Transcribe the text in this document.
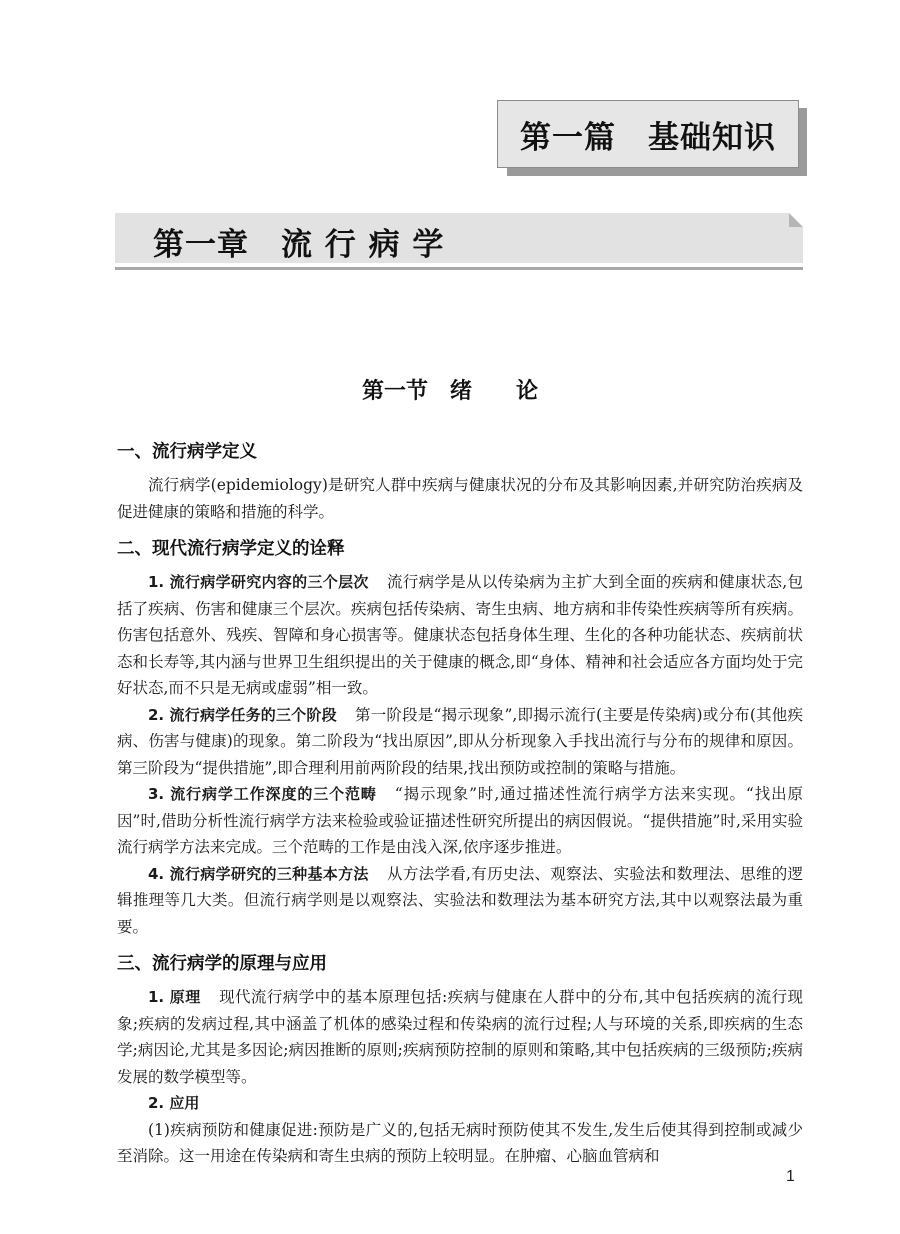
第一篇　基础知识
第一章　流 行 病 学
第一节　绪　　论
一、流行病学定义

流行病学(epidemiology)是研究人群中疾病与健康状况的分布及其影响因素,并研究防治疾病及促进健康的策略和措施的科学。

二、现代流行病学定义的诠释

1. 流行病学研究内容的三个层次 流行病学是从以传染病为主扩大到全面的疾病和健康状态,包括了疾病、伤害和健康三个层次。疾病包括传染病、寄生虫病、地方病和非传染性疾病等所有疾病。伤害包括意外、残疾、智障和身心损害等。健康状态包括身体生理、生化的各种功能状态、疾病前状态和长寿等,其内涵与世界卫生组织提出的关于健康的概念,即“身体、精神和社会适应各方面均处于完好状态,而不只是无病或虚弱”相一致。

2. 流行病学任务的三个阶段 第一阶段是“揭示现象”,即揭示流行(主要是传染病)或分布(其他疾病、伤害与健康)的现象。第二阶段为“找出原因”,即从分析现象入手找出流行与分布的规律和原因。第三阶段为“提供措施”,即合理利用前两阶段的结果,找出预防或控制的策略与措施。

3. 流行病学工作深度的三个范畴 “揭示现象”时,通过描述性流行病学方法来实现。“找出原因”时,借助分析性流行病学方法来检验或验证描述性研究所提出的病因假说。“提供措施”时,采用实验流行病学方法来完成。三个范畴的工作是由浅入深,依序逐步推进。

4. 流行病学研究的三种基本方法 从方法学看,有历史法、观察法、实验法和数理法、思维的逻辑推理等几大类。但流行病学则是以观察法、实验法和数理法为基本研究方法,其中以观察法最为重要。

三、流行病学的原理与应用

1. 原理 现代流行病学中的基本原理包括:疾病与健康在人群中的分布,其中包括疾病的流行现象;疾病的发病过程,其中涵盖了机体的感染过程和传染病的流行过程;人与环境的关系,即疾病的生态学;病因论,尤其是多因论;病因推断的原则;疾病预防控制的原则和策略,其中包括疾病的三级预防;疾病发展的数学模型等。

2. 应用

(1)疾病预防和健康促进:预防是广义的,包括无病时预防使其不发生,发生后使其得到控制或减少至消除。这一用途在传染病和寄生虫病的预防上较明显。在肿瘤、心脑血管病和

1
